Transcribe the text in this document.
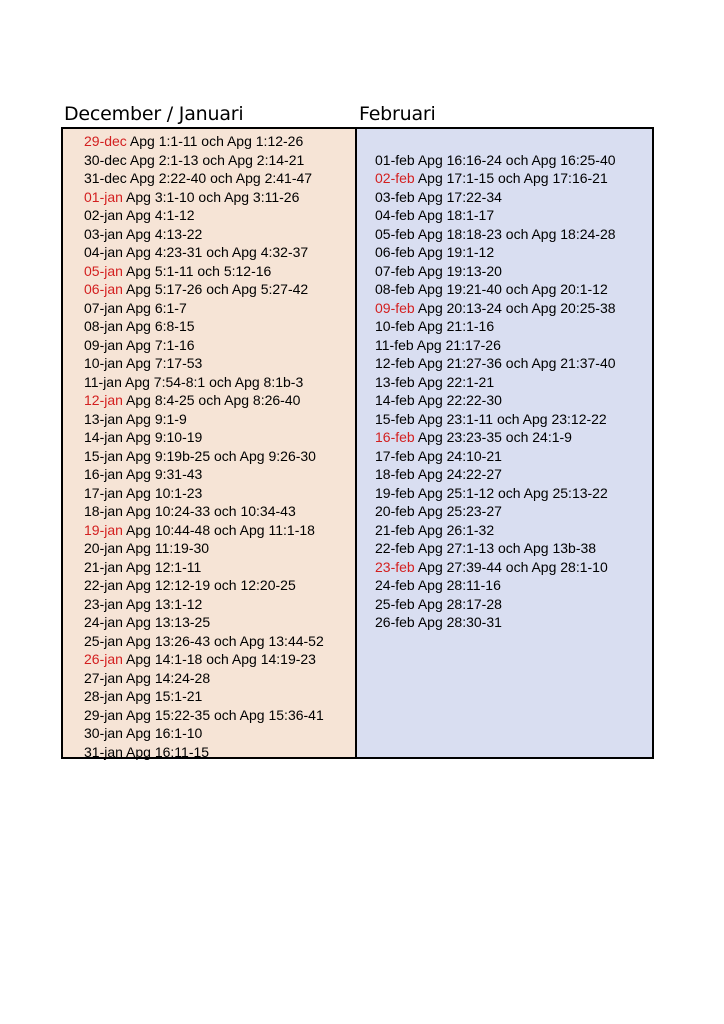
December / Januari	Februari
29-dec Apg 1:1-11 och Apg 1:12-26
30-dec Apg 2:1-13 och Apg 2:14-21
31-dec Apg 2:22-40 och Apg 2:41-47
01-jan Apg 3:1-10 och Apg 3:11-26
02-jan Apg 4:1-12
03-jan Apg 4:13-22
04-jan Apg 4:23-31 och Apg 4:32-37
05-jan Apg 5:1-11 och 5:12-16
06-jan Apg 5:17-26 och Apg 5:27-42
07-jan Apg 6:1-7
08-jan Apg 6:8-15
09-jan Apg 7:1-16
10-jan Apg 7:17-53
11-jan Apg 7:54-8:1 och Apg 8:1b-3
12-jan Apg 8:4-25 och Apg 8:26-40
13-jan Apg 9:1-9
14-jan Apg 9:10-19
15-jan Apg 9:19b-25 och Apg 9:26-30
16-jan Apg 9:31-43
17-jan Apg 10:1-23
18-jan Apg 10:24-33 och 10:34-43
19-jan Apg 10:44-48 och Apg 11:1-18
20-jan Apg 11:19-30
21-jan Apg 12:1-11
22-jan Apg 12:12-19 och 12:20-25
23-jan Apg 13:1-12
24-jan Apg 13:13-25
25-jan Apg 13:26-43 och Apg 13:44-52
26-jan Apg 14:1-18 och Apg 14:19-23
27-jan Apg 14:24-28
28-jan Apg 15:1-21
29-jan Apg 15:22-35 och Apg 15:36-41
30-jan Apg 16:1-10
31-jan Apg 16:11-15
01-feb Apg 16:16-24 och Apg 16:25-40
02-feb Apg 17:1-15 och Apg 17:16-21
03-feb Apg 17:22-34
04-feb Apg 18:1-17
05-feb Apg 18:18-23 och Apg 18:24-28
06-feb Apg 19:1-12
07-feb Apg 19:13-20
08-feb Apg 19:21-40 och Apg 20:1-12
09-feb Apg 20:13-24 och Apg 20:25-38
10-feb Apg 21:1-16
11-feb Apg 21:17-26
12-feb Apg 21:27-36 och Apg 21:37-40
13-feb Apg 22:1-21
14-feb Apg 22:22-30
15-feb Apg 23:1-11 och Apg 23:12-22
16-feb Apg 23:23-35 och 24:1-9
17-feb Apg 24:10-21
18-feb Apg 24:22-27
19-feb Apg 25:1-12 och Apg 25:13-22
20-feb Apg 25:23-27
21-feb Apg 26:1-32
22-feb Apg 27:1-13 och Apg 13b-38
23-feb Apg 27:39-44 och Apg 28:1-10
24-feb Apg 28:11-16
25-feb Apg 28:17-28
26-feb Apg 28:30-31
